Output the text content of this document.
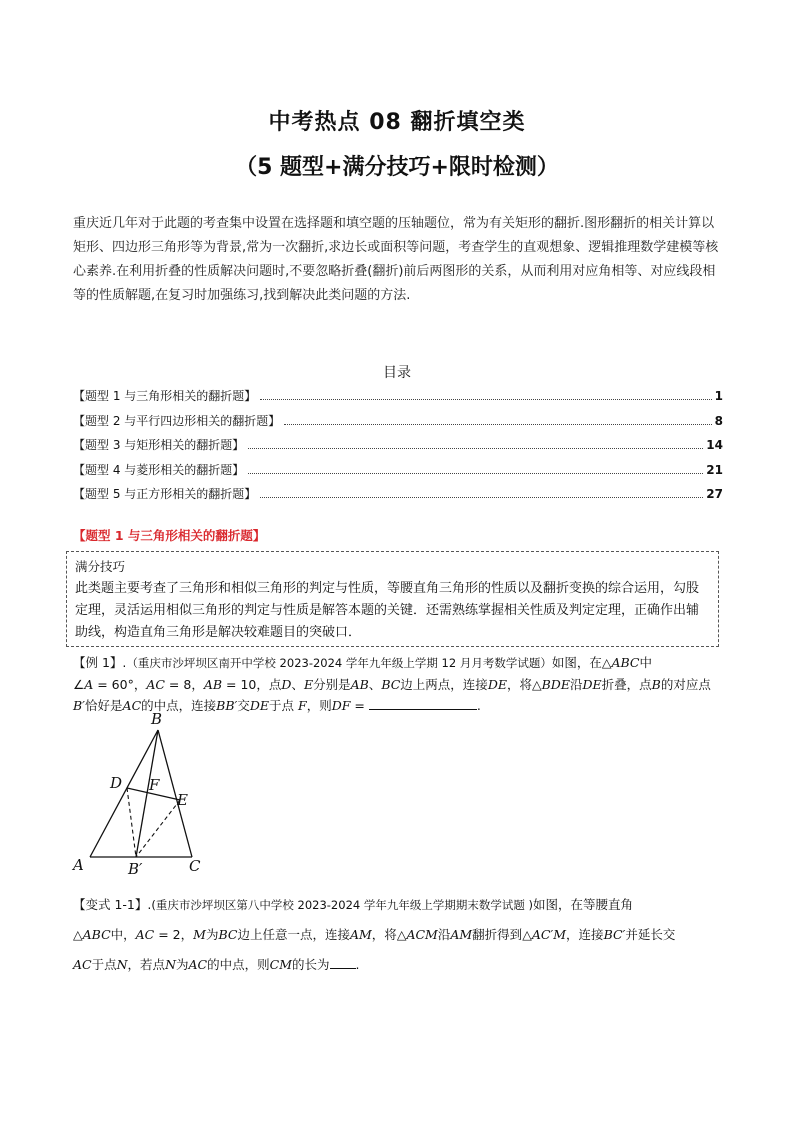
中考热点 08 翻折填空类
（5 题型+满分技巧+限时检测）
重庆近几年对于此题的考查集中设置在选择题和填空题的压轴题位，常为有关矩形的翻折.图形翻折的相关计算以矩形、四边形三角形等为背景,常为一次翻折,求边长或面积等问题，考查学生的直观想象、逻辑推理数学建模等核心素养.在利用折叠的性质解决问题时,不要忽略折叠(翻折)前后两图形的关系，从而利用对应角相等、对应线段相等的性质解题,在复习时加强练习,找到解决此类问题的方法.
目录
【题型 1 与三角形相关的翻折题】	1
【题型 2 与平行四边形相关的翻折题】	8
【题型 3 与矩形相关的翻折题】	14
【题型 4 与菱形相关的翻折题】	21
【题型 5 与正方形相关的翻折题】	27
【题型 1 与三角形相关的翻折题】
满分技巧
此类题主要考查了三角形和相似三角形的判定与性质，等腰直角三角形的性质以及翻折变换的综合运用，勾股定理，灵活运用相似三角形的判定与性质是解答本题的关键．还需熟练掌握相关性质及判定定理，正确作出辅助线，构造直角三角形是解决较难题目的突破口．
【例 1】.（重庆市沙坪坝区南开中学校 2023-2024 学年九年级上学期 12 月月考数学试题）如图，在△ABC中
∠A = 60°，AC = 8，AB = 10，点D、E分别是AB、BC边上两点，连接DE，将△BDE沿DE折叠，点B的对应点
B′恰好是AC的中点，连接BB′交DE于点 F，则DF =	.
B
D F
E
A	B′	C
【变式 1-1】.(重庆市沙坪坝区第八中学校 2023-2024 学年九年级上学期期末数学试题 )如图，在等腰直角
△ABC中，AC = 2，M为BC边上任意一点，连接AM，将△ACM沿AM翻折得到△AC′M，连接BC′并延长交
AC于点N，若点N为AC的中点，则CM的长为 .
